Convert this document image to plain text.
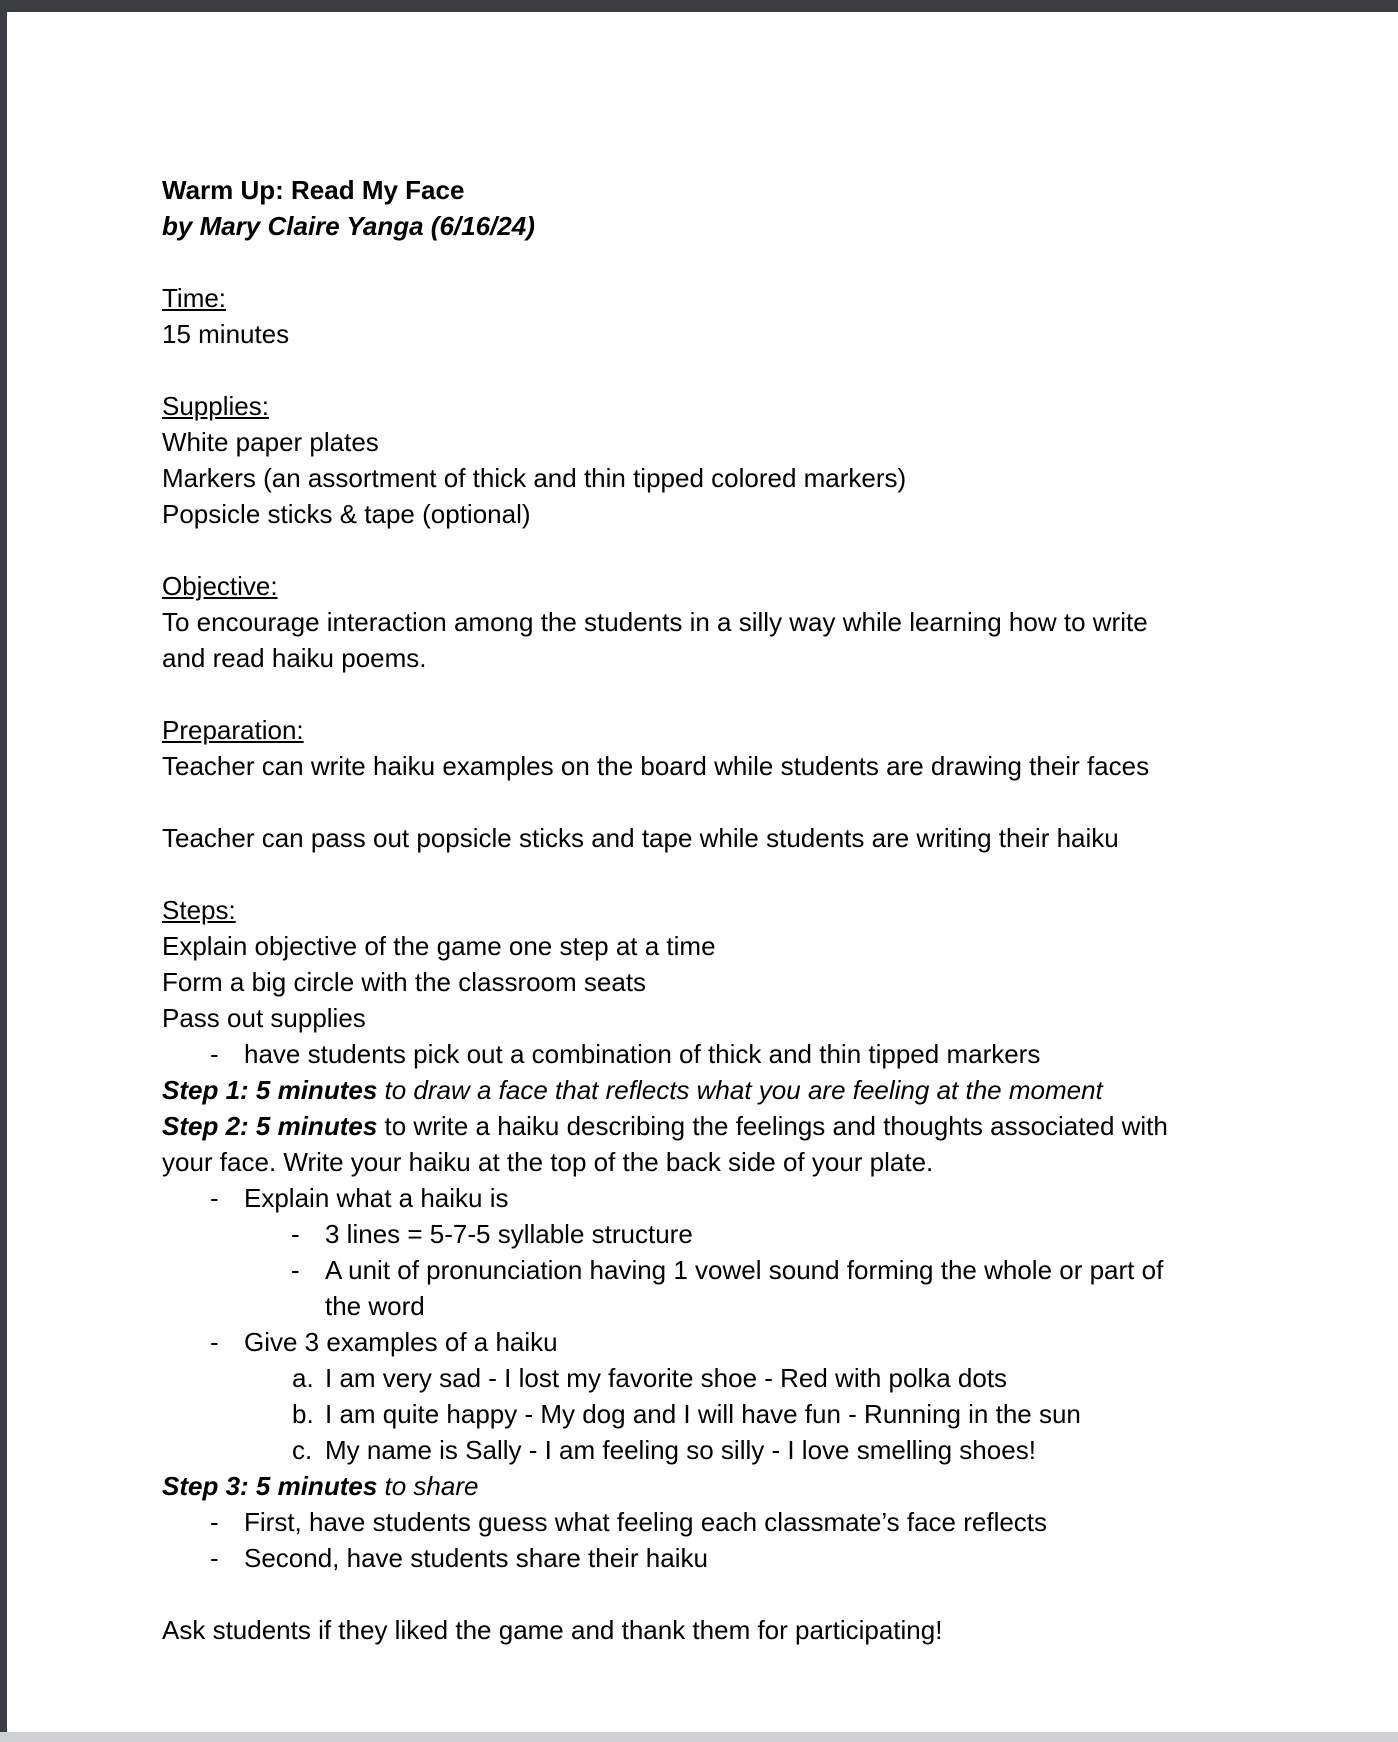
Warm Up: Read My Face
by Mary Claire Yanga (6/16/24)
Time:
15 minutes
Supplies:
White paper plates
Markers (an assortment of thick and thin tipped colored markers)
Popsicle sticks & tape (optional)
Objective:
To encourage interaction among the students in a silly way while learning how to write
and read haiku poems.
Preparation:
Teacher can write haiku examples on the board while students are drawing their faces
Teacher can pass out popsicle sticks and tape while students are writing their haiku
Steps:
Explain objective of the game one step at a time
Form a big circle with the classroom seats
Pass out supplies
- have students pick out a combination of thick and thin tipped markers
Step 1: 5 minutes to draw a face that reflects what you are feeling at the moment
Step 2: 5 minutes to write a haiku describing the feelings and thoughts associated with
your face. Write your haiku at the top of the back side of your plate.
- Explain what a haiku is
- 3 lines = 5-7-5 syllable structure
- A unit of pronunciation having 1 vowel sound forming the whole or part of
the word
- Give 3 examples of a haiku
a. I am very sad - I lost my favorite shoe - Red with polka dots
b. I am quite happy - My dog and I will have fun - Running in the sun
c. My name is Sally - I am feeling so silly - I love smelling shoes!
Step 3: 5 minutes to share
- First, have students guess what feeling each classmate’s face reflects
- Second, have students share their haiku
Ask students if they liked the game and thank them for participating!
